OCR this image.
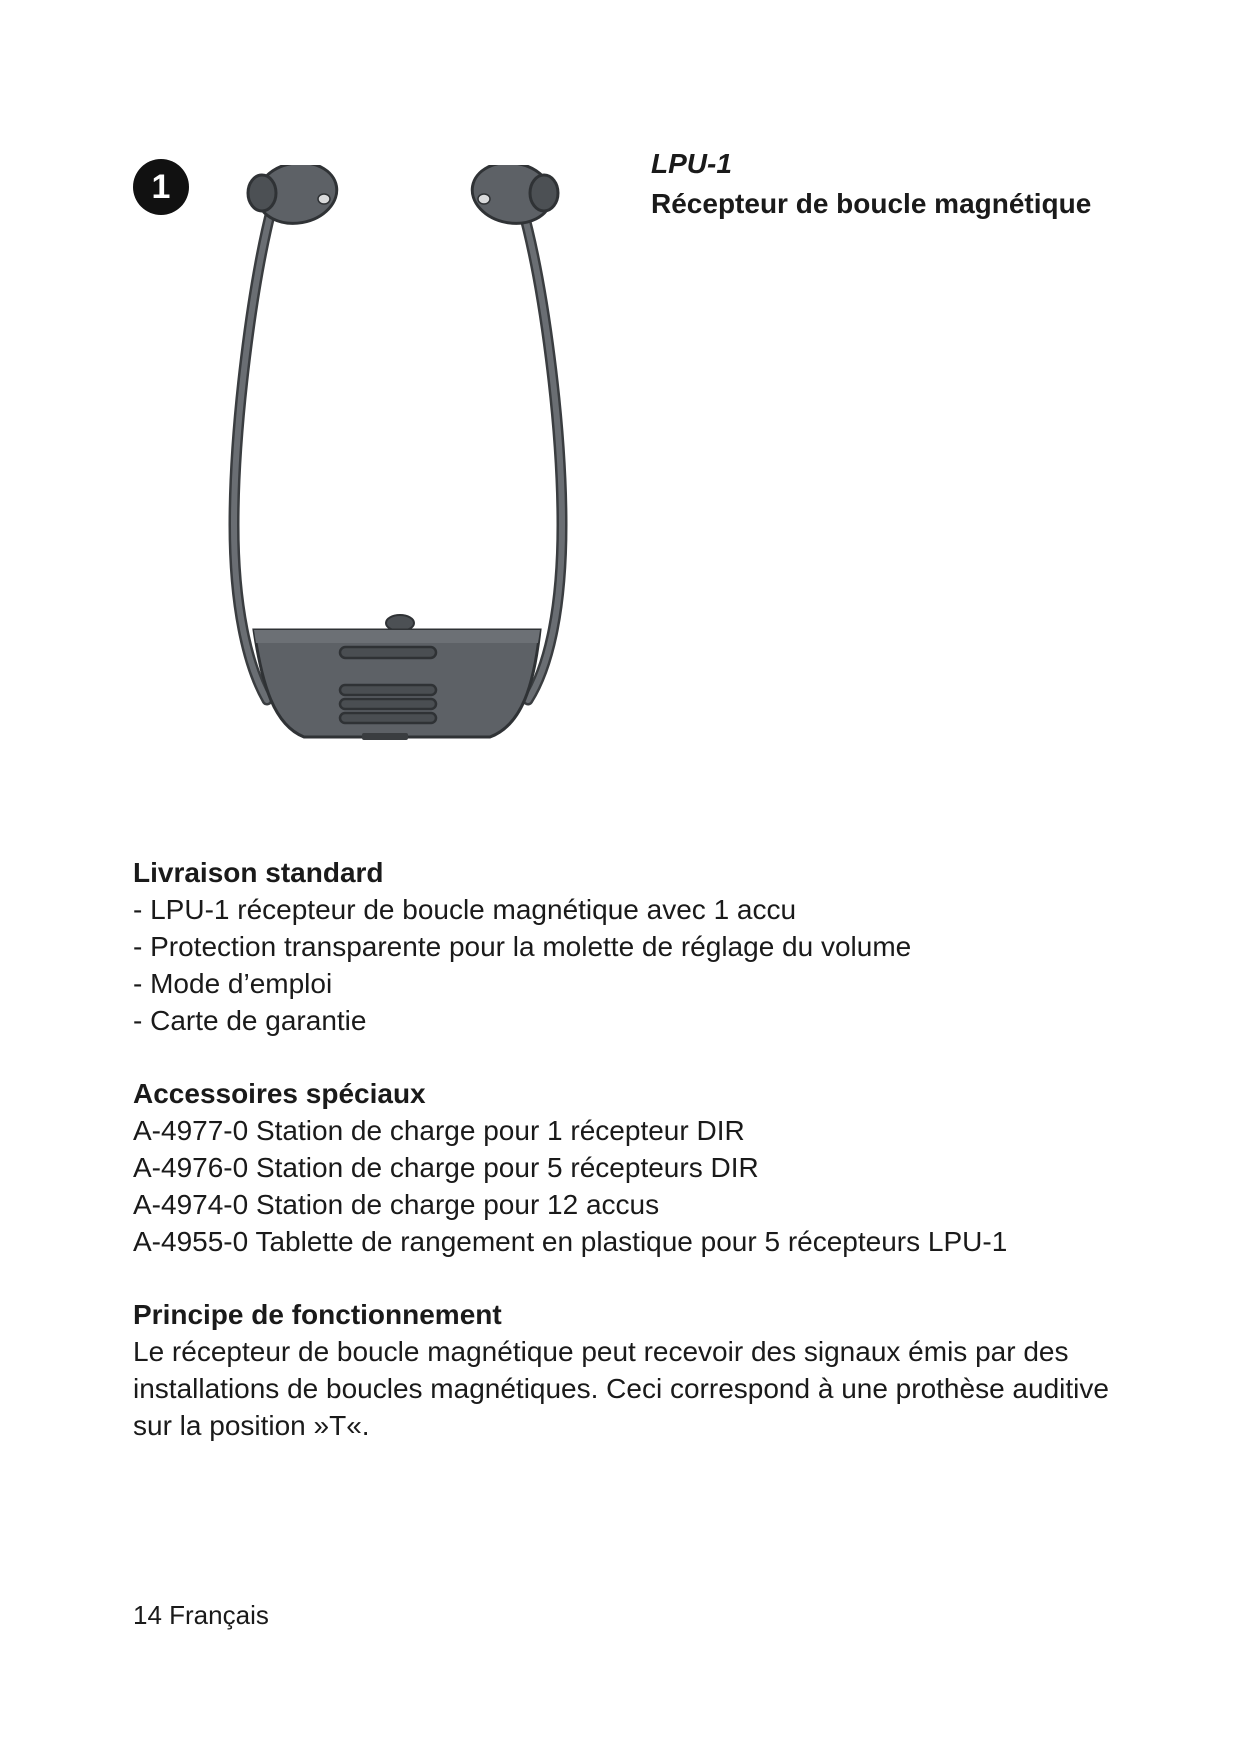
1

LPU-1

Récepteur de boucle magnétique

Livraison standard

- LPU-1 récepteur de boucle magnétique avec 1 accu

- Protection transparente pour la molette de réglage du volume

- Mode d’emploi

- Carte de garantie

Accessoires spéciaux

A-4977-0 Station de charge pour 1 récepteur DIR

A-4976-0 Station de charge pour 5 récepteurs DIR

A-4974-0 Station de charge pour 12 accus

A-4955-0 Tablette de rangement en plastique pour 5 récepteurs LPU-1

Principe de fonctionnement

Le récepteur de boucle magnétique peut recevoir des signaux émis par des installations de boucles magnétiques. Ceci correspond à une prothèse auditive sur la position »T«.

14 Français
